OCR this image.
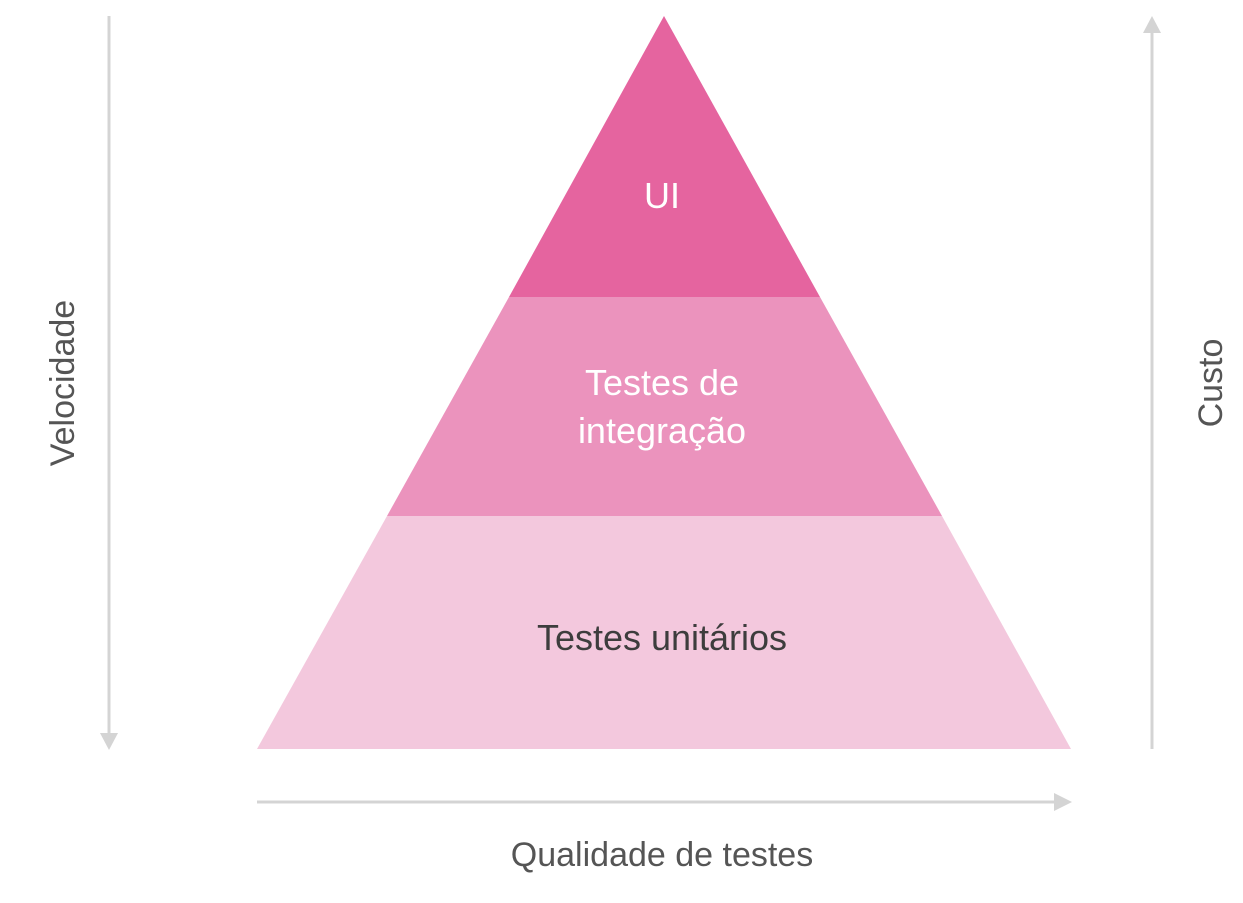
UI
Testes de
integração
Testes unitários
Velocidade	Custo
Qualidade de testes
